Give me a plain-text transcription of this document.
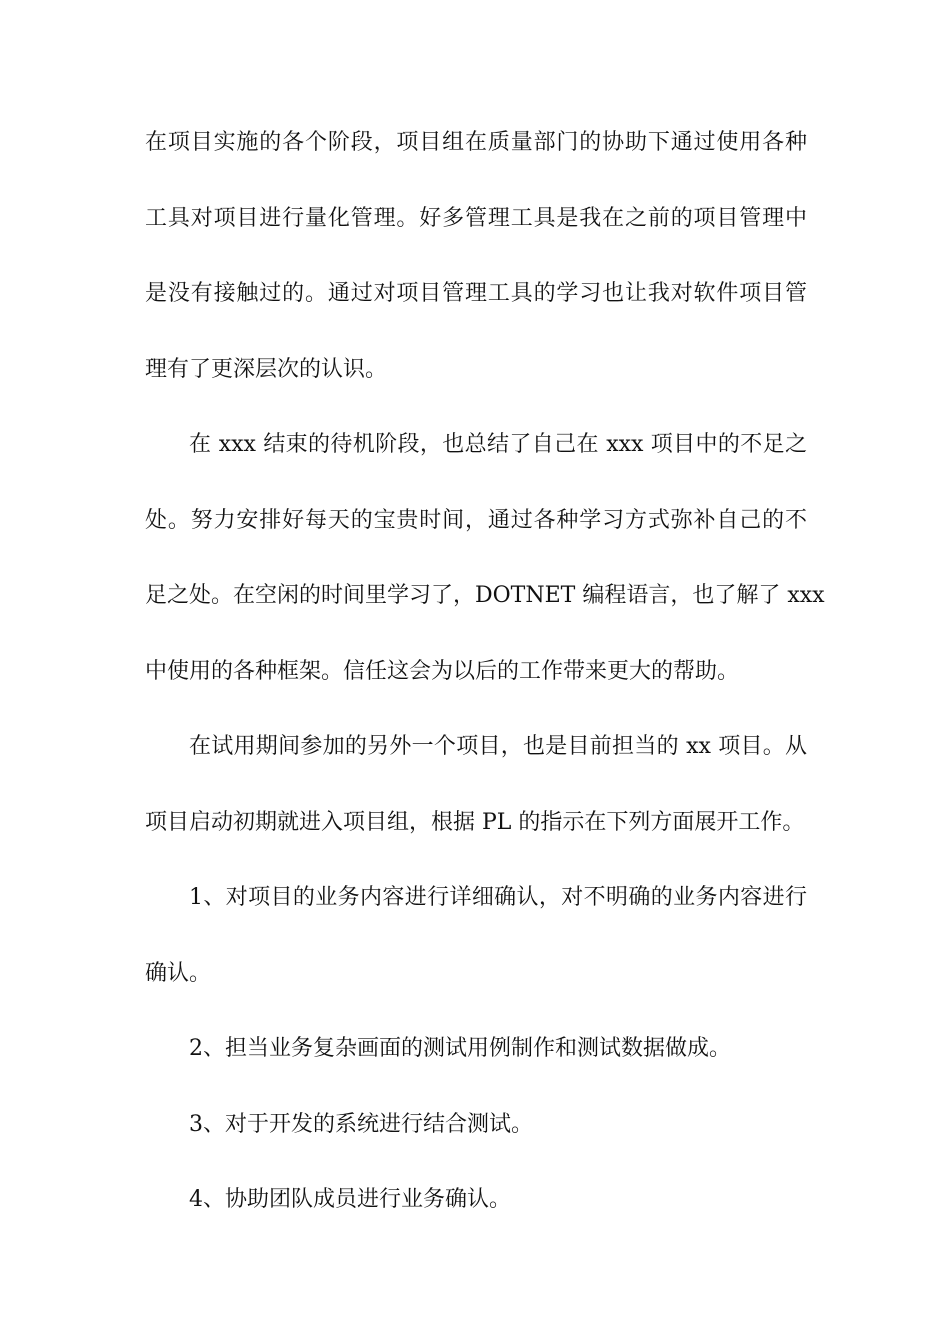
在项目实施的各个阶段，项目组在质量部门的协助下通过使用各种
工具对项目进行量化管理。好多管理工具是我在之前的项目管理中
是没有接触过的。通过对项目管理工具的学习也让我对软件项目管
理有了更深层次的认识。
在 xxx 结束的待机阶段，也总结了自己在 xxx 项目中的不足之
处。努力安排好每天的宝贵时间，通过各种学习方式弥补自己的不
足之处。在空闲的时间里学习了，DOTNET 编程语言，也了解了 xxx
中使用的各种框架。信任这会为以后的工作带来更大的帮助。
在试用期间参加的另外一个项目，也是目前担当的 xx 项目。从
项目启动初期就进入项目组，根据 PL 的指示在下列方面展开工作。
1、对项目的业务内容进行详细确认，对不明确的业务内容进行
确认。
2、担当业务复杂画面的测试用例制作和测试数据做成。
3、对于开发的系统进行结合测试。
4、协助团队成员进行业务确认。
